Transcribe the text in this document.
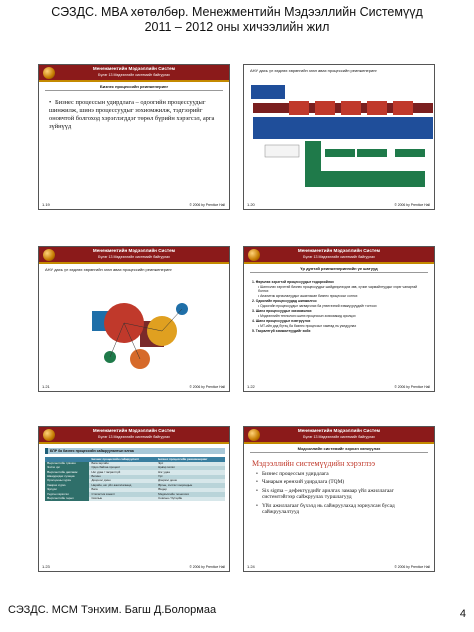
СЭЗДС. MBA хөтөлбөр. Менежментийн Мэдээллийн Системүүд
2011 – 2012 оны хичээлийн жил
Менежментийн Мэдээллийн Систем
Бүлэг 13 Мэдээллийн системийг байгуулах
Бизнес процессийн реинженеринг
• Бизнес процессын удирдлага – одоогийн процессуудыг шинжилж, шинэ процессуудыг зохиомжилж, тэдгээрийг оновчтой болгоход хэрэглэгддэг төрөл бүрийн хэрэгсэл, арга зүйнүүд
1.19	© 2006 by Prentice Hall
АНУ дахь үл хөдлөх хөрөнгийн зээл авах процессийн реинженеринг
1.20	© 2006 by Prentice Hall
Менежментийн Мэдээллийн Систем
Бүлэг 13 Мэдээллийн системийг байгуулах
АНУ дахь үл хөдлөх хөрөнгийн зээл авах процессийн реинженеринг
1.21	© 2006 by Prentice Hall
Менежментийн Мэдээллийн Систем
Бүлэг 13 Мэдээллийн системийг байгуулах
Үр дүнтэй реинженерингийн үе шатууд
1. Өөрчлөх хэрэгтэй процессуудыг тодорхойлох
• Шинэчлэх хэрэгтэй бизнес процессуудыг шийдвэрлэхдээ зөв, хүчин чармайлтуудыг хэрэг чанартай болгох
• Аналитик аргачлалуудыг ашигласан бизнес процессыг сонгох
2. Одоогийн процессуудад шинжилгээ
• Одоогийн процессуудыг загварчлах ба үнэлгээний хэмжүүрүүдийг тогтоох
3. Шинэ процессуудыг зохиомжлох
• Мэдээллийн технологи шинэ процессын зохиомжид оролцох
4. Шинэ процессуудыг нэвтрүүлэх
• МТ-ийн дэд бүтэц ба бизнес процессыг хамтад нь уялдуулах
5. Тасралтгүй хэмжилтүүдийг хийх
1.22	© 2006 by Prentice Hall
Менежментийн Мэдээллийн Систем
Бүлэг 13 Мэдээллийн системийг байгуулах
БПР ба бизнес процессийн сайжруулалтын ялгаа
	Бизнес процессийн сайжруулалт	Бизнес процессийн реинженеринг
Өөрчлөлтийн түвшин	Бага зэргийн	Эрс
Эхлэх цэг	Одоо байгаа процесс	Цэвэр эхлэл
Өөрчлөлтийн давтамж	Нэг удаа / тасралтгүй	Нэг удаа
Шаардагдах хугацаа	Богино	Урт
Оролцооны хүрээ	Доороос дээш	Дээрээс доош
Хамрах хүрээ	Нарийн, нэг үйл ажиллагаанд	Өргөн, хэлтэс хоорондын
Эрсдэл	Бага	Өндөр
Үндсэн хэрэгсэл	Статистик хяналт	Мэдээллийн технологи
Өөрчлөлтийн төрөл	Соёлын	Соёлын / бүтцийн
1.23	© 2006 by Prentice Hall
Менежментийн Мэдээллийн Систем
Бүлэг 13 Мэдээллийн системийг байгуулах
Мэдээллийн системийг хэрхэн хөгжүүлэх
Мэдээллийн системүүдийн хэрэглээ
• Бизнес процессын удирдлага
• Чанарын ерөнхий удирдлага (TQM)
• Six sigma – дефектүүдийг арилгах замаар үйл ажиллагааг системтэйгээр сайжруулах туршлагууд
• Үйл ажиллагааг бүхэлд нь сайжруулахад зориулсан бусад сайжруулалтууд
1.24	© 2006 by Prentice Hall
СЭЗДС. МСМ Тэнхим. Багш Д.Болормаа	4
